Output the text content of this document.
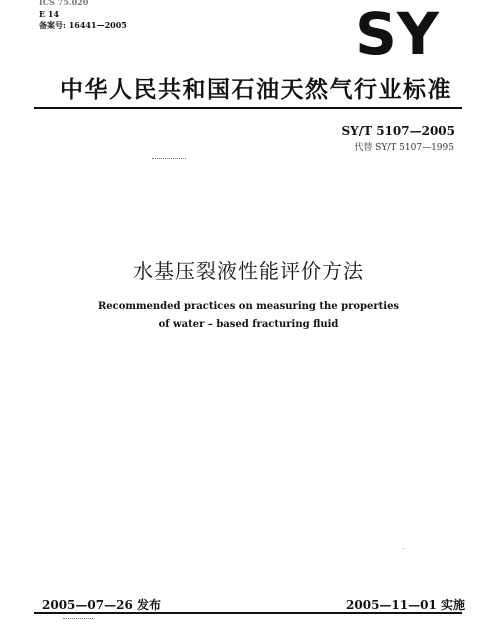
ICS 75.020
E 14
备案号: 16441—2005	SY
中华人民共和国石油天然气行业标准
SY/T 5107—2005
代替 SY/T 5107—1995
水基压裂液性能评价方法
Recommended practices on measuring the properties
of water – based fracturing fluid
2005—07—26 发布	2005—11—01 实施
